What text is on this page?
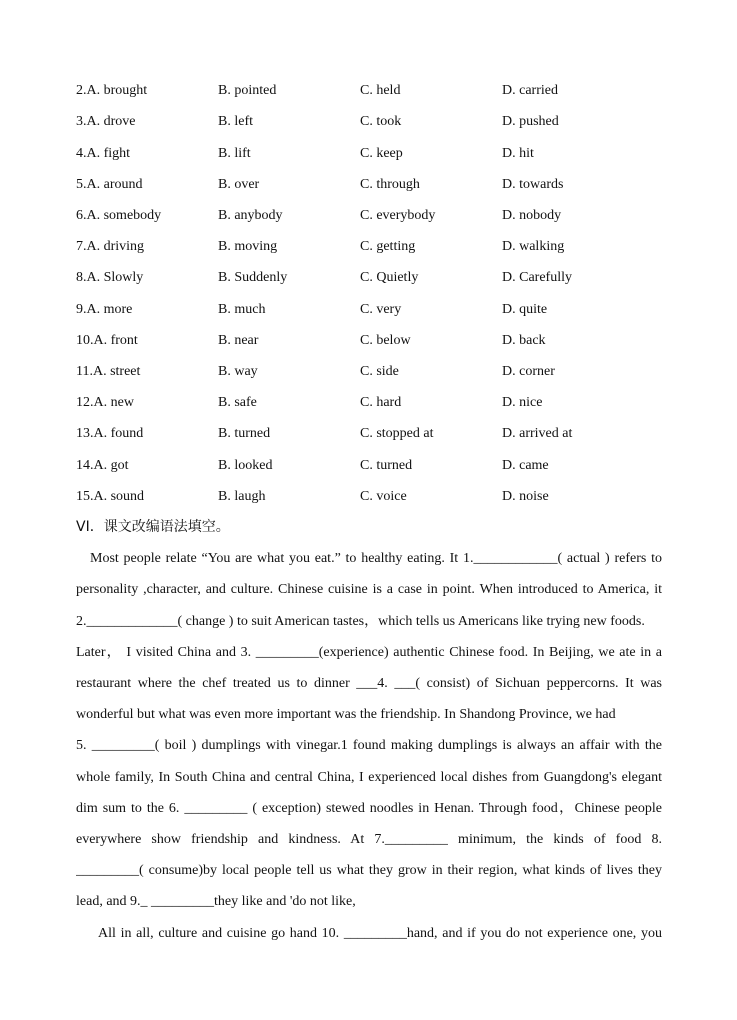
2.A. brought	B. pointed	C. held	D. carried
3.A. drove	B. left	C. took	D. pushed
4.A. fight	B. lift	C. keep	D. hit
5.A. around	B. over	C. through	D. towards
6.A. somebody	B. anybody	C. everybody	D. nobody
7.A. driving	B. moving	C. getting	D. walking
8.A. Slowly	B. Suddenly	C. Quietly	D. Carefully
9.A. more	B. much	C. very	D. quite
10.A. front	B. near	C. below	D. back
11.A. street	B. way	C. side	D. corner
12.A. new	B. safe	C. hard	D. nice
13.A. found	B. turned	C. stopped at	D. arrived at
14.A. got	B. looked	C. turned	D. came
15.A. sound	B. laugh	C. voice	D. noise
VI．课文改编语法填空。
Most people relate “You are what you eat.” to healthy eating. It 1.____________( actual ) refers to
personality ,character, and culture. Chinese cuisine is a case in point. When introduced to America, it
2._____________( change ) to suit American tastes，which tells us Americans like trying new foods.
Later， I visited China and 3. _________(experience) authentic Chinese food. In Beijing, we ate in a
restaurant where the chef treated us to dinner ___4. ___( consist) of Sichuan peppercorns. It was
wonderful but what was even more important was the friendship. In Shandong Province, we had
5. _________( boil ) dumplings with vinegar.1 found making dumplings is always an affair with the
whole family, In South China and central China, I experienced local dishes from Guangdong's elegant
dim sum to the 6. _________ ( exception) stewed noodles in Henan. Through food，Chinese people
everywhere show friendship and kindness. At 7._________ minimum, the kinds of food 8.
_________( consume)by local people tell us what they grow in their region, what kinds of lives they
lead, and 9._ _________they like and 'do not like,
All in all, culture and cuisine go hand 10. _________hand, and if you do not experience one, you
